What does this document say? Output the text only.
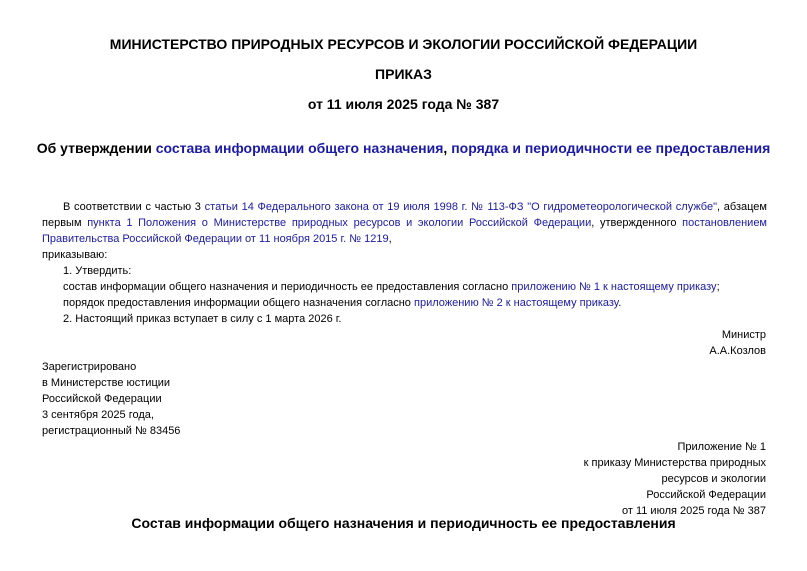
МИНИСТЕРСТВО ПРИРОДНЫХ РЕСУРСОВ И ЭКОЛОГИИ РОССИЙСКОЙ ФЕДЕРАЦИИ
ПРИКАЗ
от 11 июля 2025 года № 387
Об утверждении состава информации общего назначения, порядка и периодичности ее предоставления
В соответствии с частью 3 статьи 14 Федерального закона от 19 июля 1998 г. № 113-ФЗ "О гидрометеорологической службе", абзацем
первым пункта 1 Положения о Министерстве природных ресурсов и экологии Российской Федерации, утвержденного постановлением
Правительства Российской Федерации от 11 ноября 2015 г. № 1219,
приказываю:
1. Утвердить:
состав информации общего назначения и периодичность ее предоставления согласно приложению № 1 к настоящему приказу;
порядок предоставления информации общего назначения согласно приложению № 2 к настоящему приказу.
2. Настоящий приказ вступает в силу с 1 марта 2026 г.
Министр
А.А.Козлов
Зарегистрировано
в Министерстве юстиции
Российской Федерации
3 сентября 2025 года,
регистрационный № 83456
Приложение № 1
к приказу Министерства природных
ресурсов и экологии
Российской Федерации
от 11 июля 2025 года № 387
Состав информации общего назначения и периодичность ее предоставления
